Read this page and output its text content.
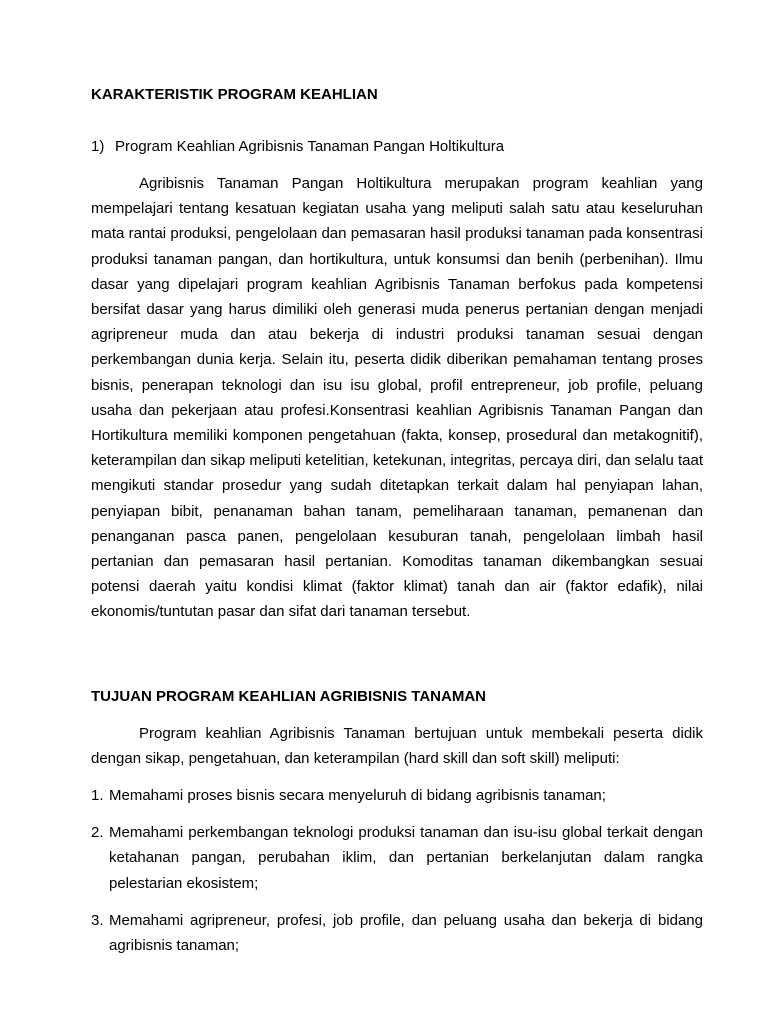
KARAKTERISTIK PROGRAM KEAHLIAN
1) Program Keahlian Agribisnis Tanaman Pangan Holtikultura

Agribisnis Tanaman Pangan Holtikultura merupakan program keahlian yang mempelajari tentang kesatuan kegiatan usaha yang meliputi salah satu atau keseluruhan mata rantai produksi, pengelolaan dan pemasaran hasil produksi tanaman pada konsentrasi produksi tanaman pangan, dan hortikultura, untuk konsumsi dan benih (perbenihan). Ilmu dasar yang dipelajari program keahlian Agribisnis Tanaman berfokus pada kompetensi bersifat dasar yang harus dimiliki oleh generasi muda penerus pertanian dengan menjadi agripreneur muda dan atau bekerja di industri produksi tanaman sesuai dengan perkembangan dunia kerja. Selain itu, peserta didik diberikan pemahaman tentang proses bisnis, penerapan teknologi dan isu isu global, profil entrepreneur, job profile, peluang usaha dan pekerjaan atau profesi.Konsentrasi keahlian Agribisnis Tanaman Pangan dan Hortikultura memiliki komponen pengetahuan (fakta, konsep, prosedural dan metakognitif), keterampilan dan sikap meliputi ketelitian, ketekunan, integritas, percaya diri, dan selalu taat mengikuti standar prosedur yang sudah ditetapkan terkait dalam hal penyiapan lahan, penyiapan bibit, penanaman bahan tanam, pemeliharaan tanaman, pemanenan dan penanganan pasca panen, pengelolaan kesuburan tanah, pengelolaan limbah hasil pertanian dan pemasaran hasil pertanian. Komoditas tanaman dikembangkan sesuai potensi daerah yaitu kondisi klimat (faktor klimat) tanah dan air (faktor edafik), nilai ekonomis/tuntutan pasar dan sifat dari tanaman tersebut.

TUJUAN PROGRAM KEAHLIAN AGRIBISNIS TANAMAN

Program keahlian Agribisnis Tanaman bertujuan untuk membekali peserta didik dengan sikap, pengetahuan, dan keterampilan (hard skill dan soft skill) meliputi:

1. Memahami proses bisnis secara menyeluruh di bidang agribisnis tanaman;
2. Memahami perkembangan teknologi produksi tanaman dan isu-isu global terkait dengan ketahanan pangan, perubahan iklim, dan pertanian berkelanjutan dalam rangka pelestarian ekosistem;
3. Memahami agripreneur, profesi, job profile, dan peluang usaha dan bekerja di bidang agribisnis tanaman;
